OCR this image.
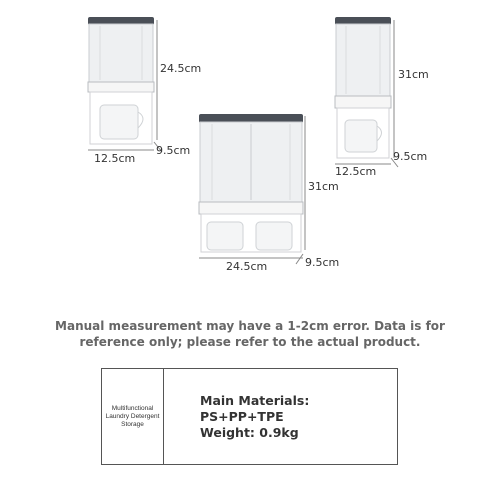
24.5cm
12.5cm
9.5cm
31cm
12.5cm
9.5cm
31cm
24.5cm	9.5cm
Manual measurement may have a 1-2cm error. Data is for
reference only; please refer to the actual product.
Multifunctional Laundry Detergent Storage
Main Materials: PS+PP+TPE
Weight: 0.9kg
